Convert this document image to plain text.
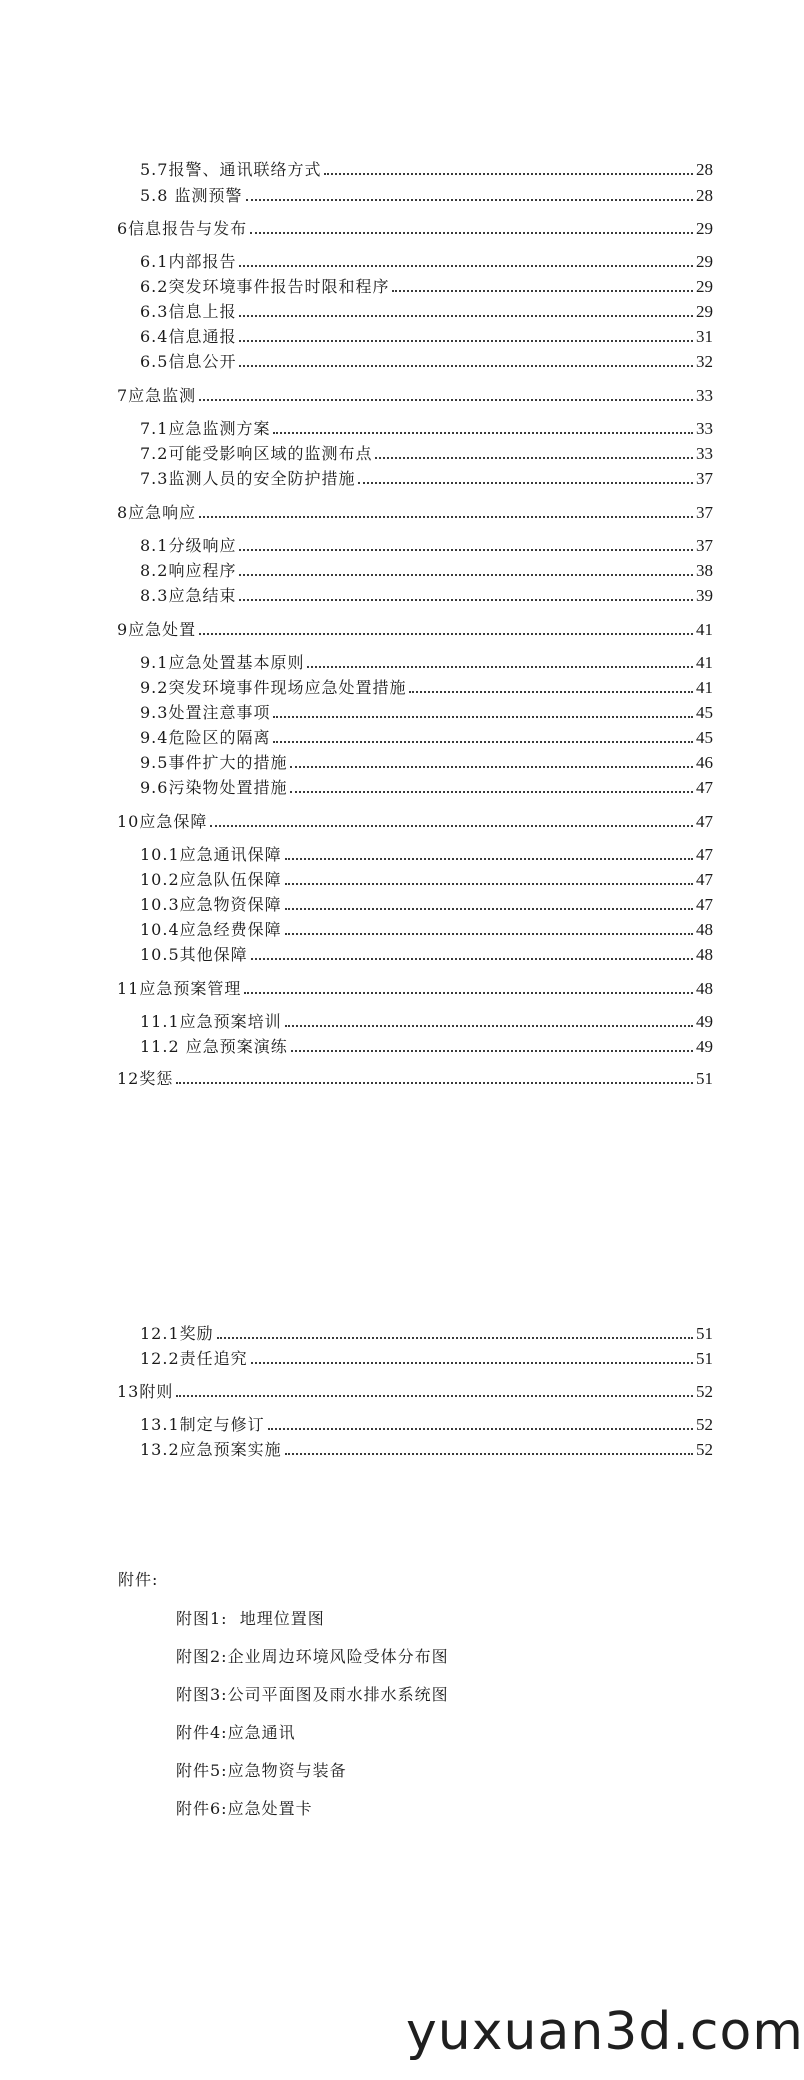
5.7报警、通讯联络方式	28
5.8 监测预警	28
6信息报告与发布	29
6.1内部报告	29
6.2突发环境事件报告时限和程序	29
6.3信息上报	29
6.4信息通报	31
6.5信息公开	32
7应急监测	33
7.1应急监测方案	33
7.2可能受影响区域的监测布点	33
7.3监测人员的安全防护措施	37
8应急响应	37
8.1分级响应	37
8.2响应程序	38
8.3应急结束	39
9应急处置	41
9.1应急处置基本原则	41
9.2突发环境事件现场应急处置措施	41
9.3处置注意事项	45
9.4危险区的隔离	45
9.5事件扩大的措施	46
9.6污染物处置措施	47
10应急保障	47
10.1应急通讯保障	47
10.2应急队伍保障	47
10.3应急物资保障	47
10.4应急经费保障	48
10.5其他保障	48
11应急预案管理	48
11.1应急预案培训	49
11.2 应急预案演练	49
12奖惩	51
12.1奖励	51
12.2责任追究	51
13附则	52
13.1制定与修订	52
13.2应急预案实施	52
附件:
附图1:  地理位置图
附图2:企业周边环境风险受体分布图
附图3:公司平面图及雨水排水系统图
附件4:应急通讯
附件5:应急物资与装备
附件6:应急处置卡
yuxuan3d.com
